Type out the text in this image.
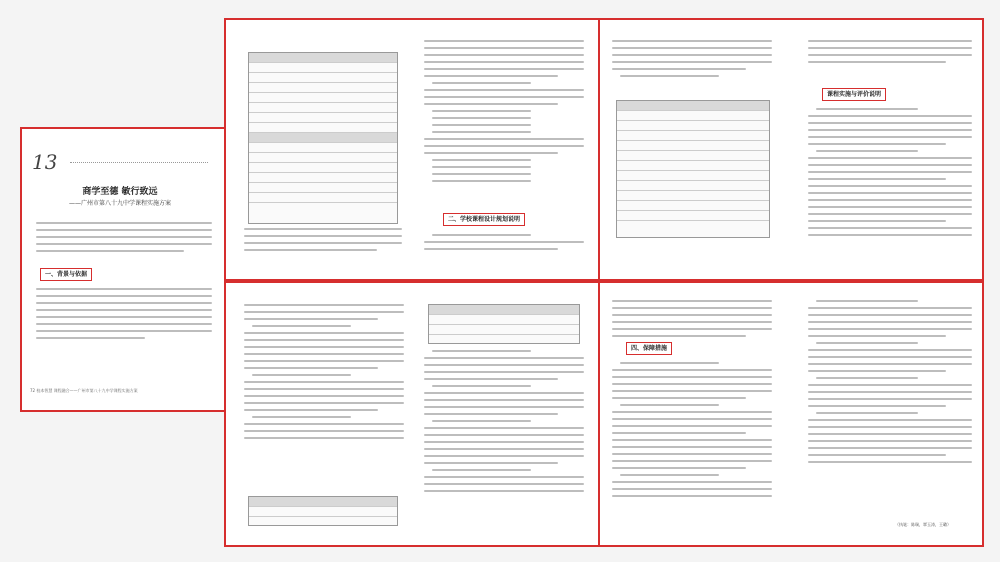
13
商学至德 敏行致远
——广州市第八十九中学课程实施方案
一、背景与依据
72 校本智慧 课程融合——广州市第八十九中学课程实施方案
二、学校课程设计规划说明
课程实施与评价说明
四、保障措施
（执笔：陈瑞，覃玉涛，王璐）
